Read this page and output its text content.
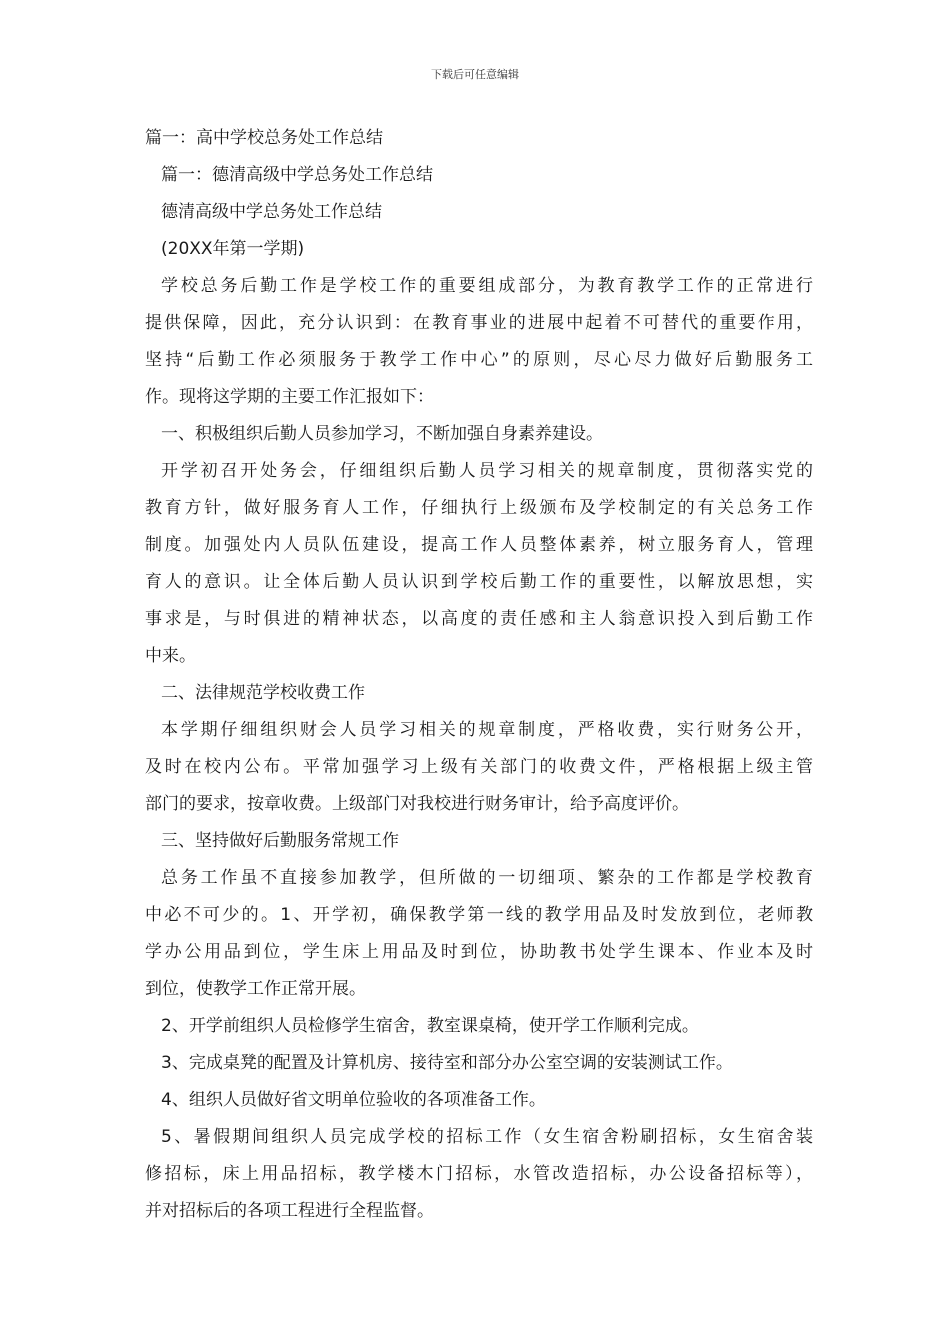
下载后可任意编辑
篇一：高中学校总务处工作总结
篇一：德清高级中学总务处工作总结
德清高级中学总务处工作总结
(20XX年第一学期)
学校总务后勤工作是学校工作的重要组成部分，为教育教学工作的正常进行
提供保障，因此，充分认识到：在教育事业的进展中起着不可替代的重要作用，
坚持“后勤工作必须服务于教学工作中心”的原则，尽心尽力做好后勤服务工
作。现将这学期的主要工作汇报如下：
一、积极组织后勤人员参加学习，不断加强自身素养建设。
开学初召开处务会，仔细组织后勤人员学习相关的规章制度，贯彻落实党的
教育方针，做好服务育人工作，仔细执行上级颁布及学校制定的有关总务工作
制度。加强处内人员队伍建设，提高工作人员整体素养，树立服务育人，管理
育人的意识。让全体后勤人员认识到学校后勤工作的重要性，以解放思想，实
事求是，与时俱进的精神状态，以高度的责任感和主人翁意识投入到后勤工作
中来。
二、法律规范学校收费工作
本学期仔细组织财会人员学习相关的规章制度，严格收费，实行财务公开，
及时在校内公布。平常加强学习上级有关部门的收费文件，严格根据上级主管
部门的要求，按章收费。上级部门对我校进行财务审计，给予高度评价。
三、坚持做好后勤服务常规工作
总务工作虽不直接参加教学，但所做的一切细项、繁杂的工作都是学校教育
中必不可少的。1、开学初，确保教学第一线的教学用品及时发放到位，老师教
学办公用品到位，学生床上用品及时到位，协助教书处学生课本、作业本及时
到位，使教学工作正常开展。
2、开学前组织人员检修学生宿舍，教室课桌椅，使开学工作顺利完成。
3、完成桌凳的配置及计算机房、接待室和部分办公室空调的安装测试工作。
4、组织人员做好省文明单位验收的各项准备工作。
5、暑假期间组织人员完成学校的招标工作（女生宿舍粉刷招标，女生宿舍装
修招标，床上用品招标，教学楼木门招标，水管改造招标，办公设备招标等），
并对招标后的各项工程进行全程监督。
